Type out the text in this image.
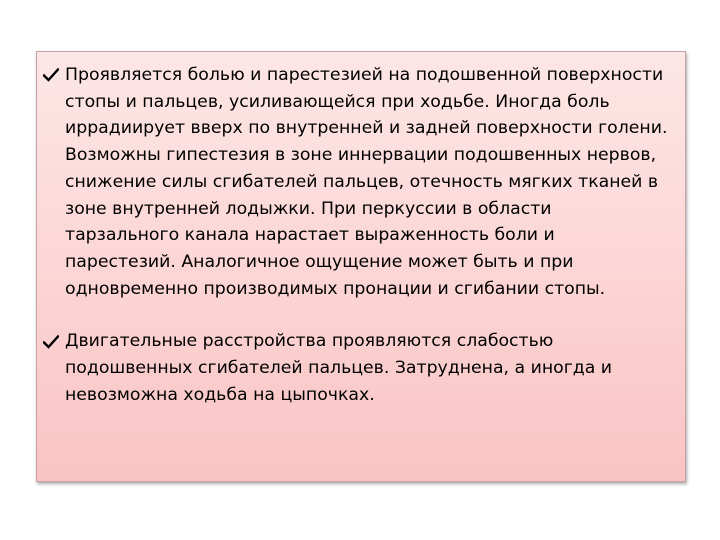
Проявляется болью и парестезией на подошвенной поверхности стопы и пальцев, усиливающейся при ходьбе. Иногда боль иррадиирует вверх по внутренней и задней поверхности голени. Возможны гипестезия в зоне иннервации подошвенных нервов, снижение силы сгибателей пальцев, отечность мягких тканей в зоне внутренней лодыжки. При перкуссии в области тарзального канала нарастает выраженность боли и парестезий. Аналогичное ощущение может быть и при одновременно производимых пронации и сгибании стопы.
Двигательные расстройства проявляются слабостью подошвенных сгибателей пальцев. Затруднена, а иногда и невозможна ходьба на цыпочках.
